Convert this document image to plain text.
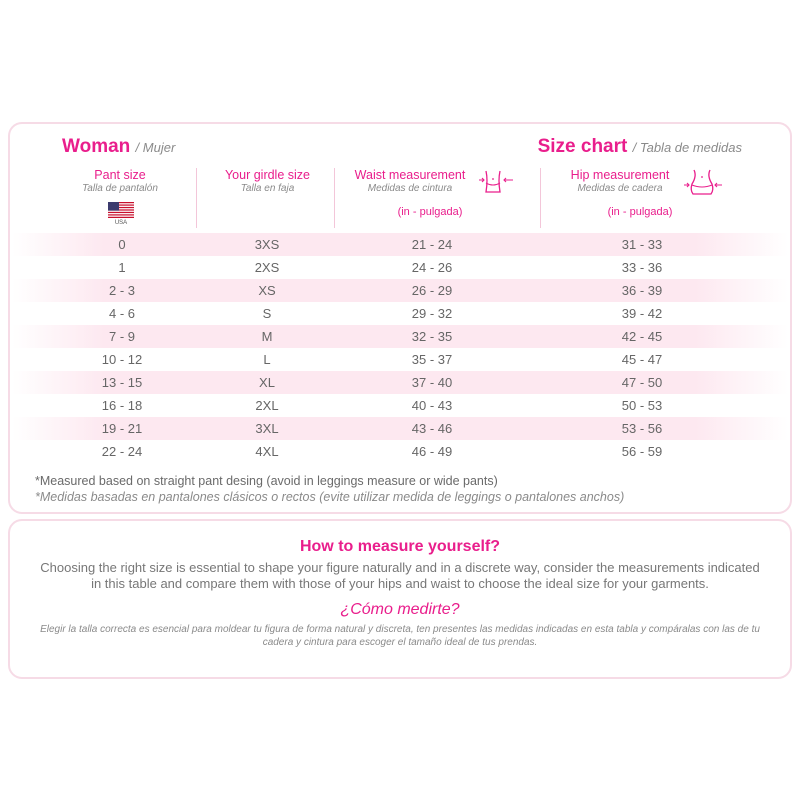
Woman / Mujer	Size chart / Tabla de medidas
Pant size
Talla de pantalón
Your girdle size
Talla en faja
Waist measurement
Medidas de cintura
Hip measurement
Medidas de cadera
(in - pulgada)	(in - pulgada)
USA
0	3XS	21 - 24	31 - 33
1	2XS	24 - 26	33 - 36
2 - 3	XS	26 - 29	36 - 39
4 - 6	S	29 - 32	39 - 42
7 - 9	M	32 - 35	42 - 45
10 - 12	L	35 - 37	45 - 47
13 - 15	XL	37 - 40	47 - 50
16 - 18	2XL	40 - 43	50 - 53
19 - 21	3XL	43 - 46	53 - 56
22 - 24	4XL	46 - 49	56 - 59
*Measured based on straight pant desing (avoid in leggings measure or wide pants)
*Medidas basadas en pantalones clásicos o rectos (evite utilizar medida de leggings o pantalones anchos)
How to measure yourself?
Choosing the right size is essential to shape your figure naturally and in a discrete way, consider the measurements indicated in this table and compare them with those of your hips and waist to choose the ideal size for your garments.
¿Cómo medirte?
Elegir la talla correcta es esencial para moldear tu figura de forma natural y discreta, ten presentes las medidas indicadas en esta tabla y compáralas con las de tu cadera y cintura para escoger el tamaño ideal de tus prendas.
